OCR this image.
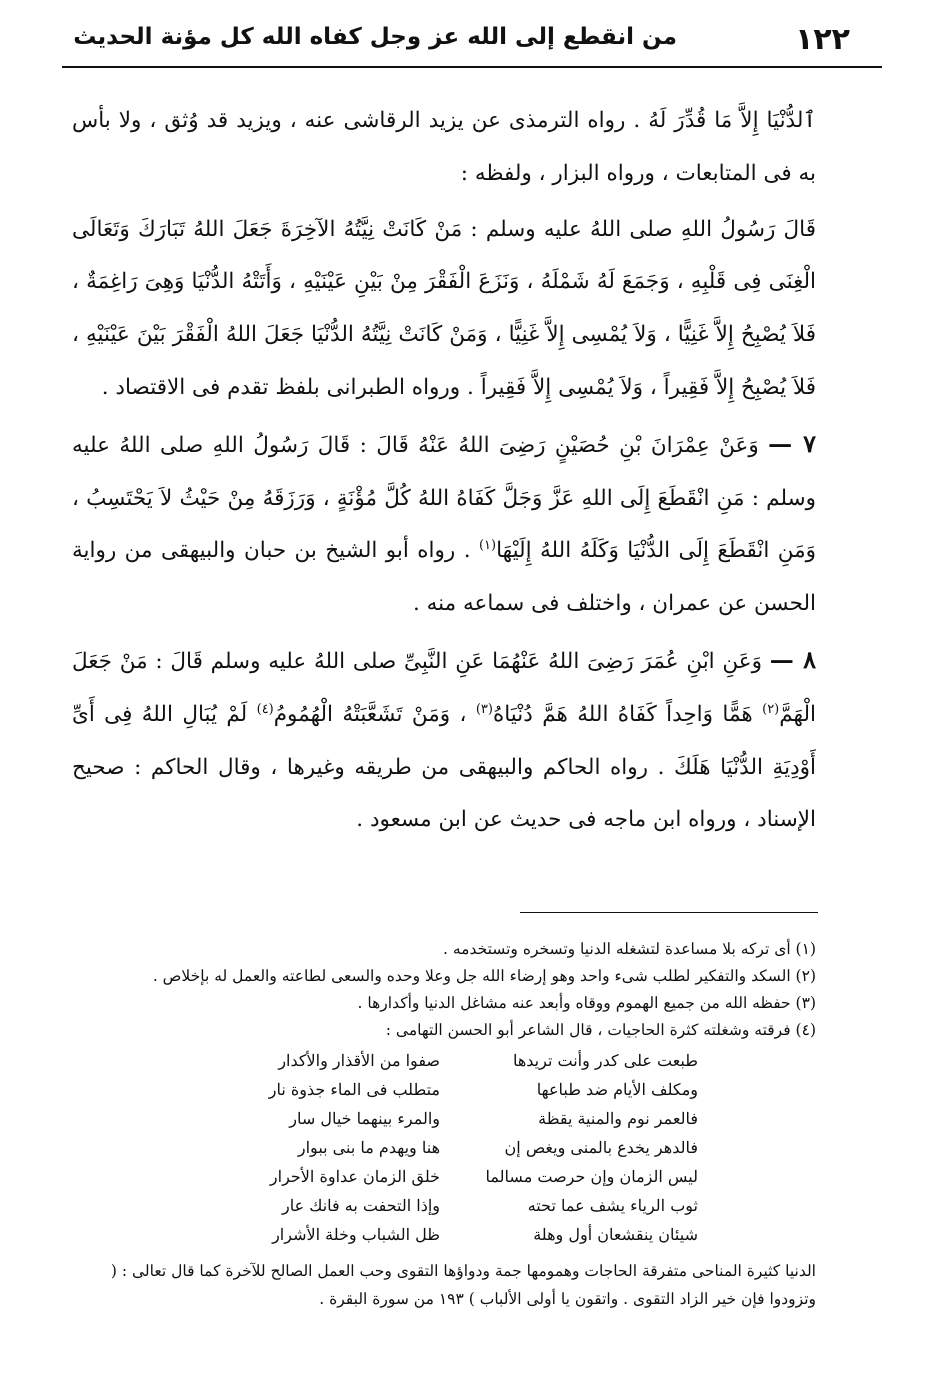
١٢٢
من انقطع إلى الله عز وجل كفاه الله كل مؤنة الحديث

ٱلدُّنْيَا إِلاَّ مَا قُدِّرَ لَهُ . رواه الترمذى عن يزيد الرقاشى عنه ، ويزيد قد وُثق ، ولا بأس به فى المتابعات ، ورواه البزار ، ولفظه :

قَالَ رَسُولُ اللهِ صلى اللهُ عليه وسلم : مَنْ كَانَتْ نِيَّتُهُ الآخِرَةَ جَعَلَ اللهُ تَبَارَكَ وَتَعَالَى الْغِنَى فِى قَلْبِهِ ، وَجَمَعَ لَهُ شَمْلَهُ ، وَنَزَعَ الْفَقْرَ مِنْ بَيْنِ عَيْنَيْهِ ، وَأَتَتْهُ الدُّنْيَا وَهِىَ رَاغِمَةٌ ، فَلاَ يُصْبِحُ إِلاَّ غَنِيًّا ، وَلاَ يُمْسِى إِلاَّ غَنِيًّا ، وَمَنْ كَانَتْ نِيَّتُهُ الدُّنْيَا جَعَلَ اللهُ الْفَقْرَ بَيْنَ عَيْنَيْهِ ، فَلاَ يُصْبِحُ إِلاَّ فَقِيراً ، وَلاَ يُمْسِى إِلاَّ فَقِيراً . ورواه الطبرانى بلفظ تقدم فى الاقتصاد .

٧ — وَعَنْ عِمْرَانَ بْنِ حُصَيْنٍ رَضِىَ اللهُ عَنْهُ قَالَ : قَالَ رَسُولُ اللهِ صلى اللهُ عليه وسلم : مَنِ انْقَطَعَ إِلَى اللهِ عَزَّ وَجَلَّ كَفَاهُ اللهُ كُلَّ مُؤْنَةٍ ، وَرَزَقَهُ مِنْ حَيْثُ لاَ يَحْتَسِبُ ، وَمَنِ انْقَطَعَ إِلَى الدُّنْيَا وَكَلَهُ اللهُ إِلَيْهَا$^{(١)}$ . رواه أبو الشيخ بن حبان والبيهقى من رواية الحسن عن عمران ، واختلف فى سماعه منه .

٨ — وَعَنِ ابْنِ عُمَرَ رَضِىَ اللهُ عَنْهُمَا عَنِ النَّبِىِّ صلى اللهُ عليه وسلم قَالَ : مَنْ جَعَلَ الْهَمَّ$^{(٢)}$ هَمًّا وَاحِداً كَفَاهُ اللهُ هَمَّ دُنْيَاهُ$^{(٣)}$ ، وَمَنْ تَشَعَّبَتْهُ الْهُمُومُ$^{(٤)}$ لَمْ يُبَالِ اللهُ فِى أَىِّ أَوْدِيَةِ الدُّنْيَا هَلَكَ . رواه الحاكم والبيهقى من طريقه وغيرها ، وقال الحاكم : صحيح الإسناد ، ورواه ابن ماجه فى حديث عن ابن مسعود .

(١) أى تركه بلا مساعدة لتشغله الدنيا وتسخره وتستخدمه .
(٢) السكد والتفكير لطلب شىء واحد وهو إرضاء الله جل وعلا وحده والسعى لطاعته والعمل له بإخلاص .
(٣) حفظه الله من جميع الهموم ووقاه وأبعد عنه مشاغل الدنيا وأكدارها .
(٤) فرقته وشغلته كثرة الحاجيات ، قال الشاعر أبو الحسن التهامى :
طبعت على كدر وأنت تريدها
صفوا من الأقذار والأكدار
ومكلف الأيام ضد طباعها
متطلب فى الماء جذوة نار
فالعمر نوم والمنية يقظة
والمرء بينهما خيال سار
فالدهر يخدع بالمنى ويغص إن
هنا ويهدم ما بنى ببوار
ليس الزمان وإن حرصت مسالما
خلق الزمان عداوة الأحرار
ثوب الرياء يشف عما تحته
وإذا التحفت به فانك عار
شيئان ينقشعان أول وهلة
ظل الشباب وخلة الأشرار
الدنيا كثيرة المناحى متفرقة الحاجات وهمومها جمة ودواؤها التقوى وحب العمل الصالح للآخرة كما قال تعالى : ( وتزودوا فإن خير الزاد التقوى . واتقون يا أولى الألباب ) ١٩٣ من سورة البقرة .
